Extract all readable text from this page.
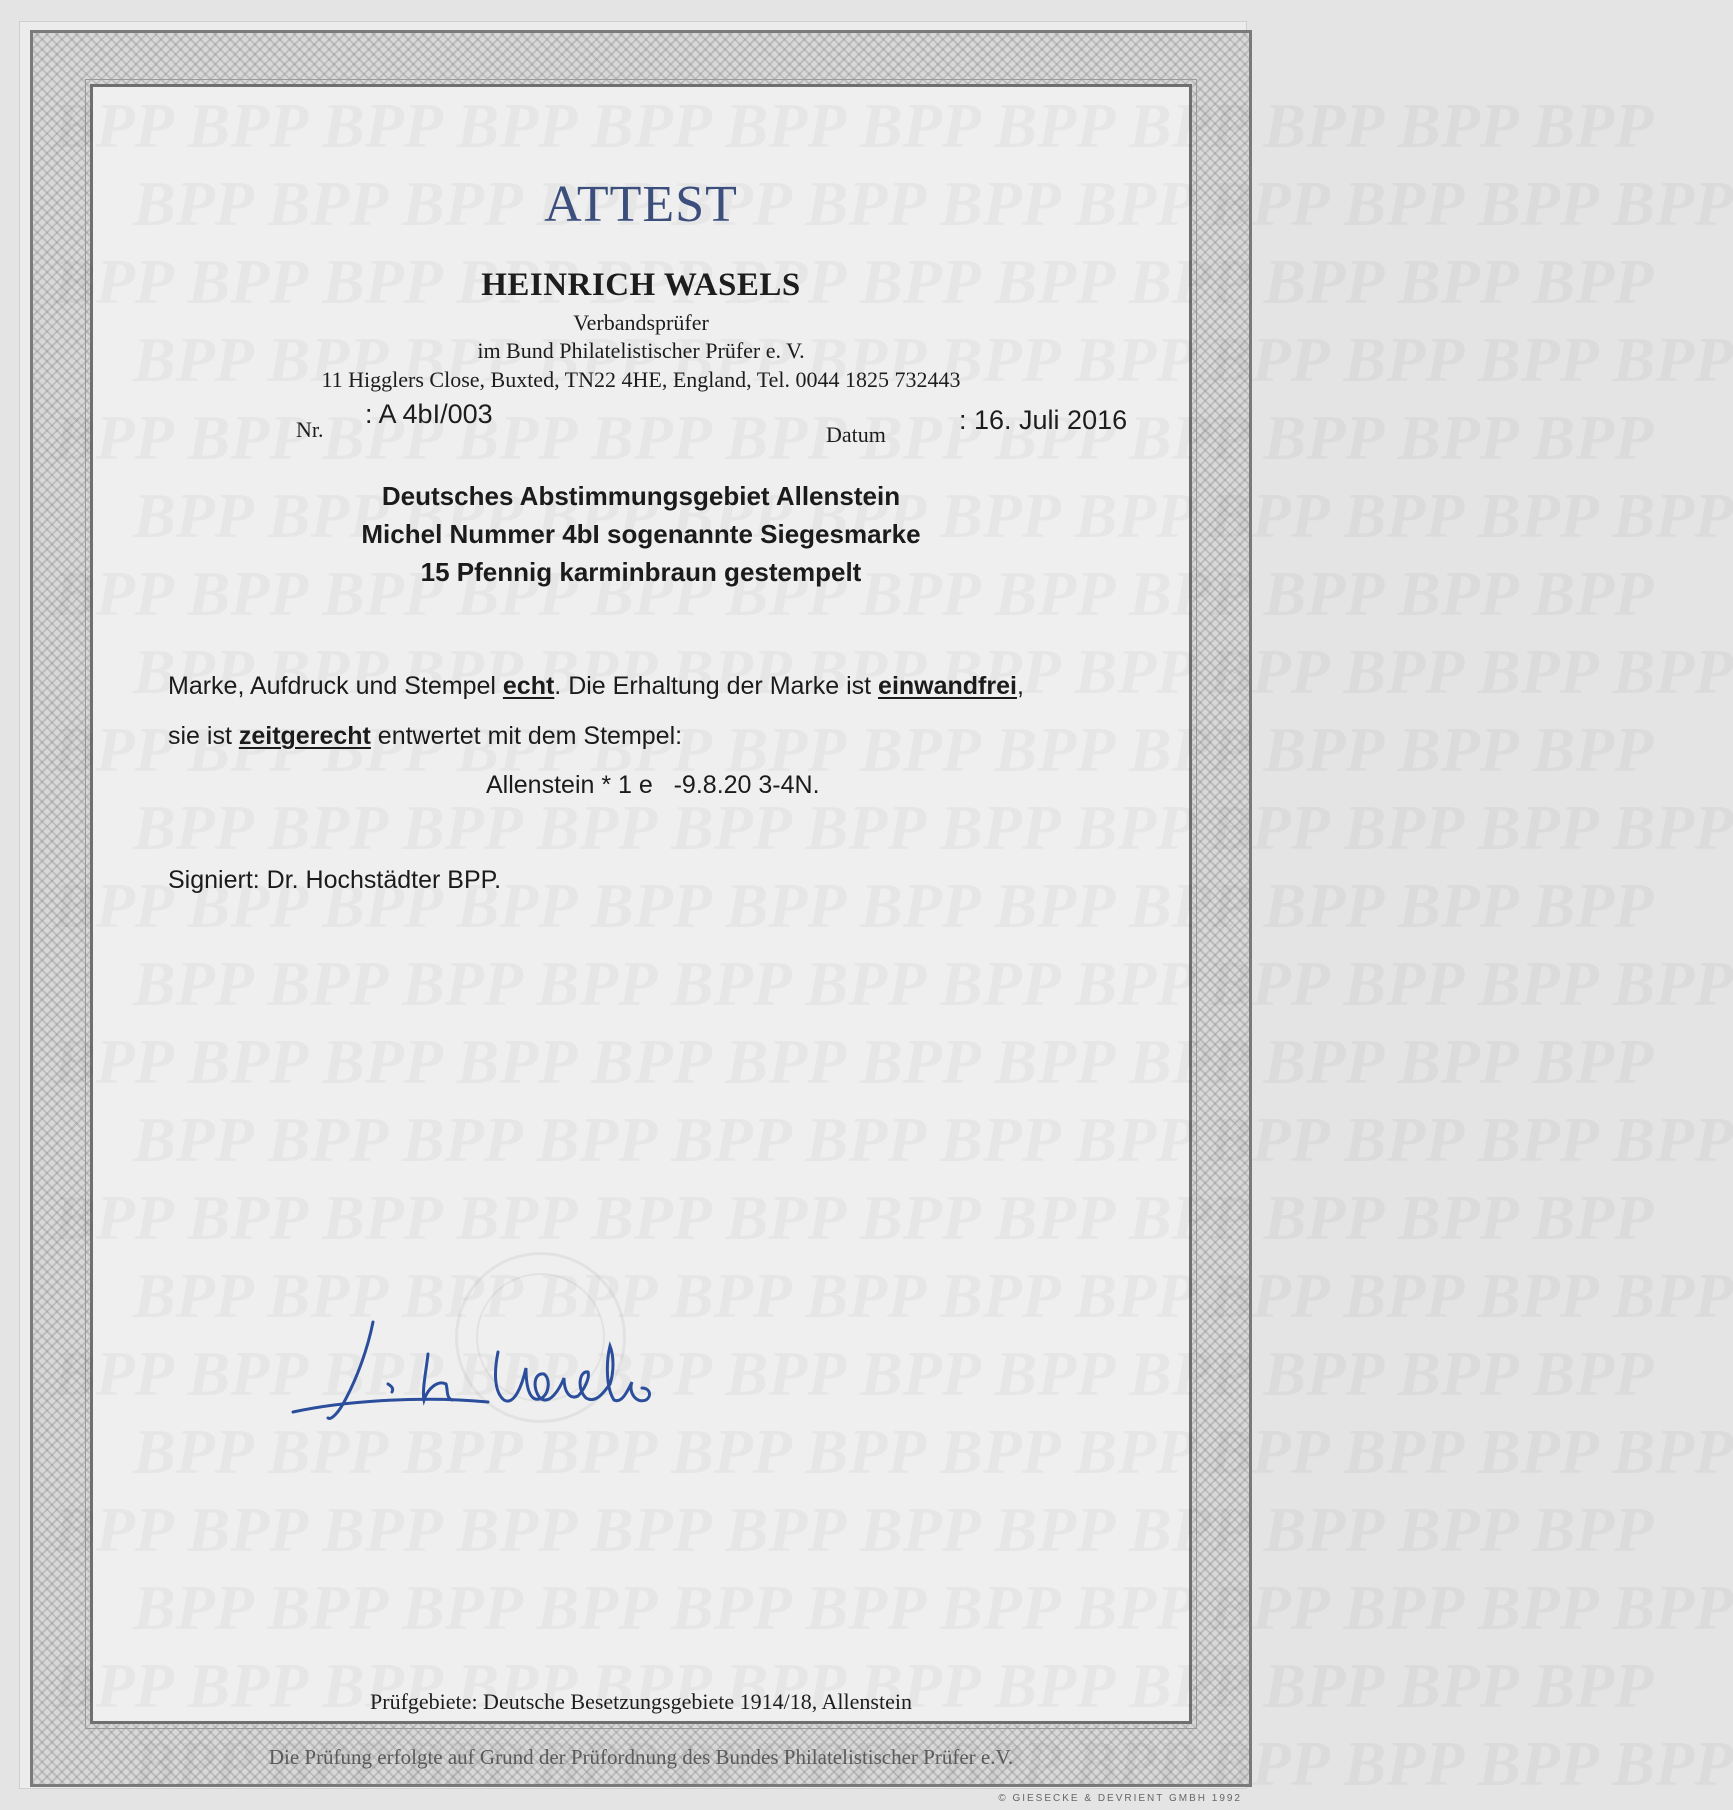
ATTEST
HEINRICH WASELS
Verbandsprüfer
im Bund Philatelistischer Prüfer e. V.
11 Higglers Close, Buxted, TN22 4HE, England, Tel. 0044 1825 732443
Nr.
: A 4bI/003
Datum	: 16. Juli 2016
Deutsches Abstimmungsgebiet Allenstein
Michel Nummer 4bI sogenannte Siegesmarke
15 Pfennig karminbraun gestempelt
Marke, Aufdruck und Stempel echt. Die Erhaltung der Marke ist einwandfrei,
sie ist zeitgerecht entwertet mit dem Stempel:
Allenstein * 1 e   -9.8.20 3-4N.
Signiert: Dr. Hochstädter BPP.
Prüfgebiete: Deutsche Besetzungsgebiete 1914/18, Allenstein
Die Prüfung erfolgte auf Grund der Prüfordnung des Bundes Philatelistischer Prüfer e.V.
© GIESECKE & DEVRIENT GMBH 1992
